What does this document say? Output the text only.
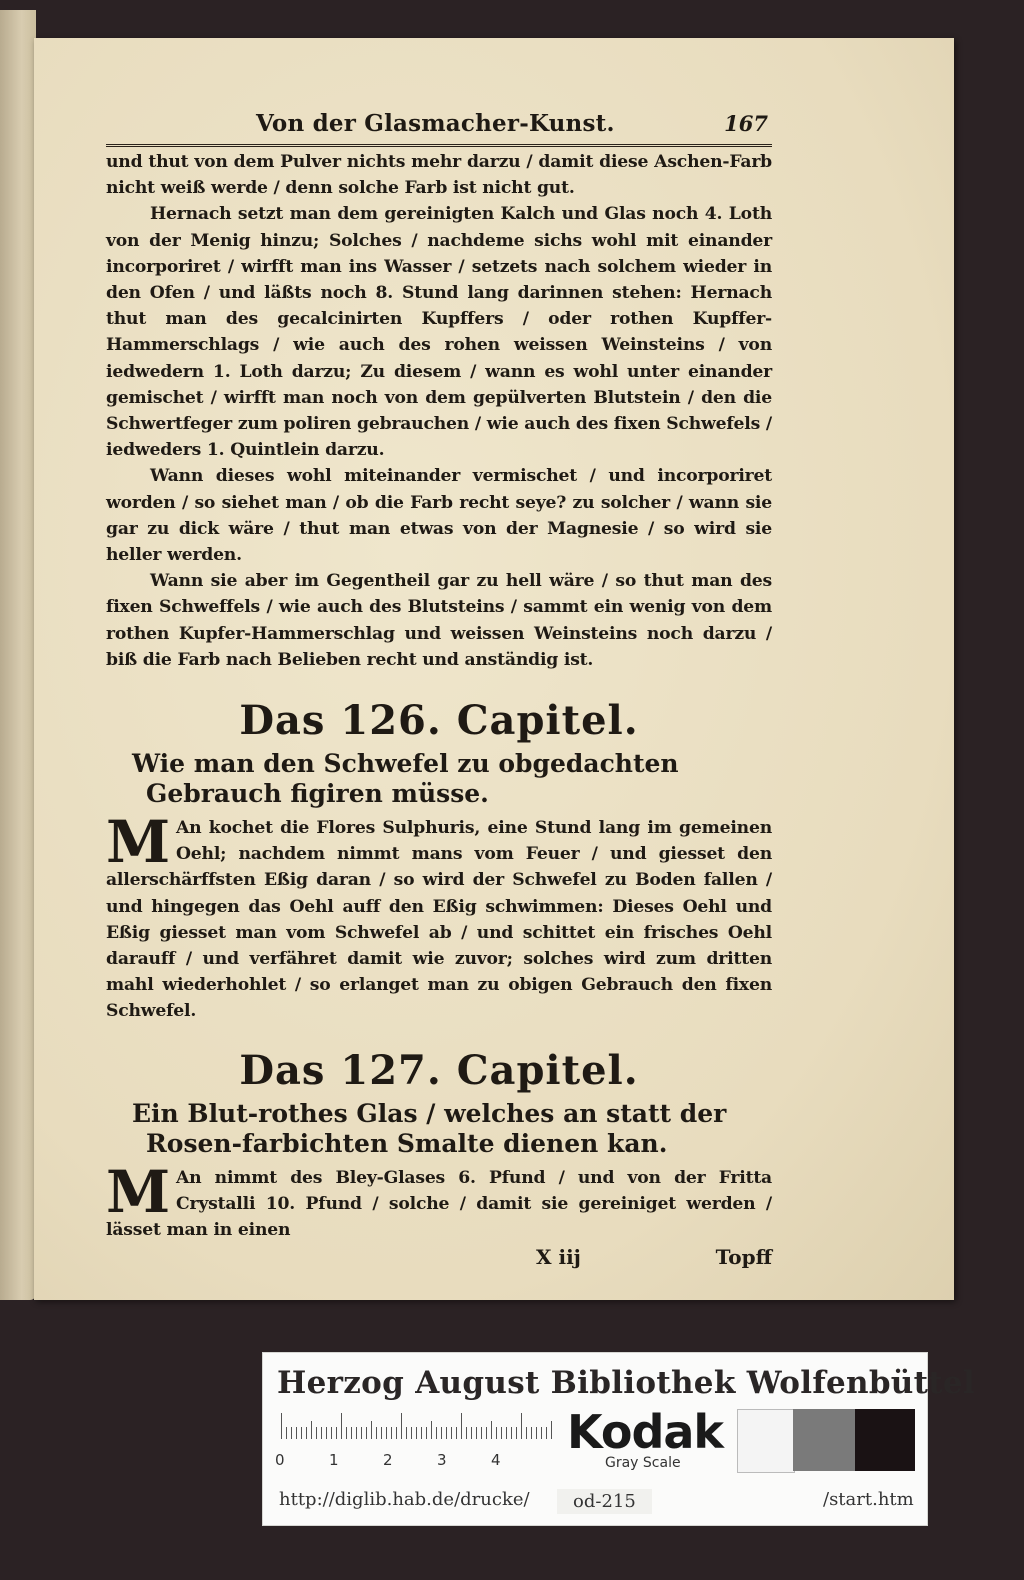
Von der Glasmacher-Kunst.	167

und thut von dem Pulver nichts mehr darzu / damit diese Aschen-Farb nicht weiß werde / denn solche Farb ist nicht gut.

Hernach setzt man dem gereinigten Kalch und Glas noch 4. Loth von der Menig hinzu; Solches / nachdeme sichs wohl mit einander incorporiret / wirfft man ins Wasser / setzets nach solchem wieder in den Ofen / und läßts noch 8. Stund lang darinnen stehen: Hernach thut man des gecalcinirten Kupffers / oder rothen Kupffer-Hammerschlags / wie auch des rohen weissen Weinsteins / von iedwedern 1. Loth darzu; Zu diesem / wann es wohl unter einander gemischet / wirfft man noch von dem gepülverten Blutstein / den die Schwertfeger zum poliren gebrauchen / wie auch des fixen Schwefels / iedweders 1. Quintlein darzu.

Wann dieses wohl miteinander vermischet / und incorporiret worden / so siehet man / ob die Farb recht seye? zu solcher / wann sie gar zu dick wäre / thut man etwas von der Magnesie / so wird sie heller werden.

Wann sie aber im Gegentheil gar zu hell wäre / so thut man des fixen Schweffels / wie auch des Blutsteins / sammt ein wenig von dem rothen Kupfer-Hammerschlag und weissen Weinsteins noch darzu / biß die Farb nach Belieben recht und anständig ist.

Das 126. Capitel.
Wie man den Schwefel zu obgedachten Gebrauch figiren müsse.

M An kochet die Flores Sulphuris, eine Stund lang im gemeinen Oehl; nachdem nimmt mans vom Feuer / und giesset den allerschärffsten Eßig daran / so wird der Schwefel zu Boden fallen / und hingegen das Oehl auff den Eßig schwimmen: Dieses Oehl und Eßig giesset man vom Schwefel ab / und schittet ein frisches Oehl darauff / und verfähret damit wie zuvor; solches wird zum dritten mahl wiederhohlet / so erlanget man zu obigen Gebrauch den fixen Schwefel.

Das 127. Capitel.
Ein Blut-rothes Glas / welches an statt der Rosen-farbichten Smalte dienen kan.

M An nimmt des Bley-Glases 6. Pfund / und von der Fritta Crystalli 10. Pfund / solche / damit sie gereiniget werden / lässet man in einen

X iij	Topff
Herzog August Bibliothek Wolfenbüttel
0	1	2	3	4
Kodak
Gray Scale
http://diglib.hab.de/drucke/	od-215	/start.htm
